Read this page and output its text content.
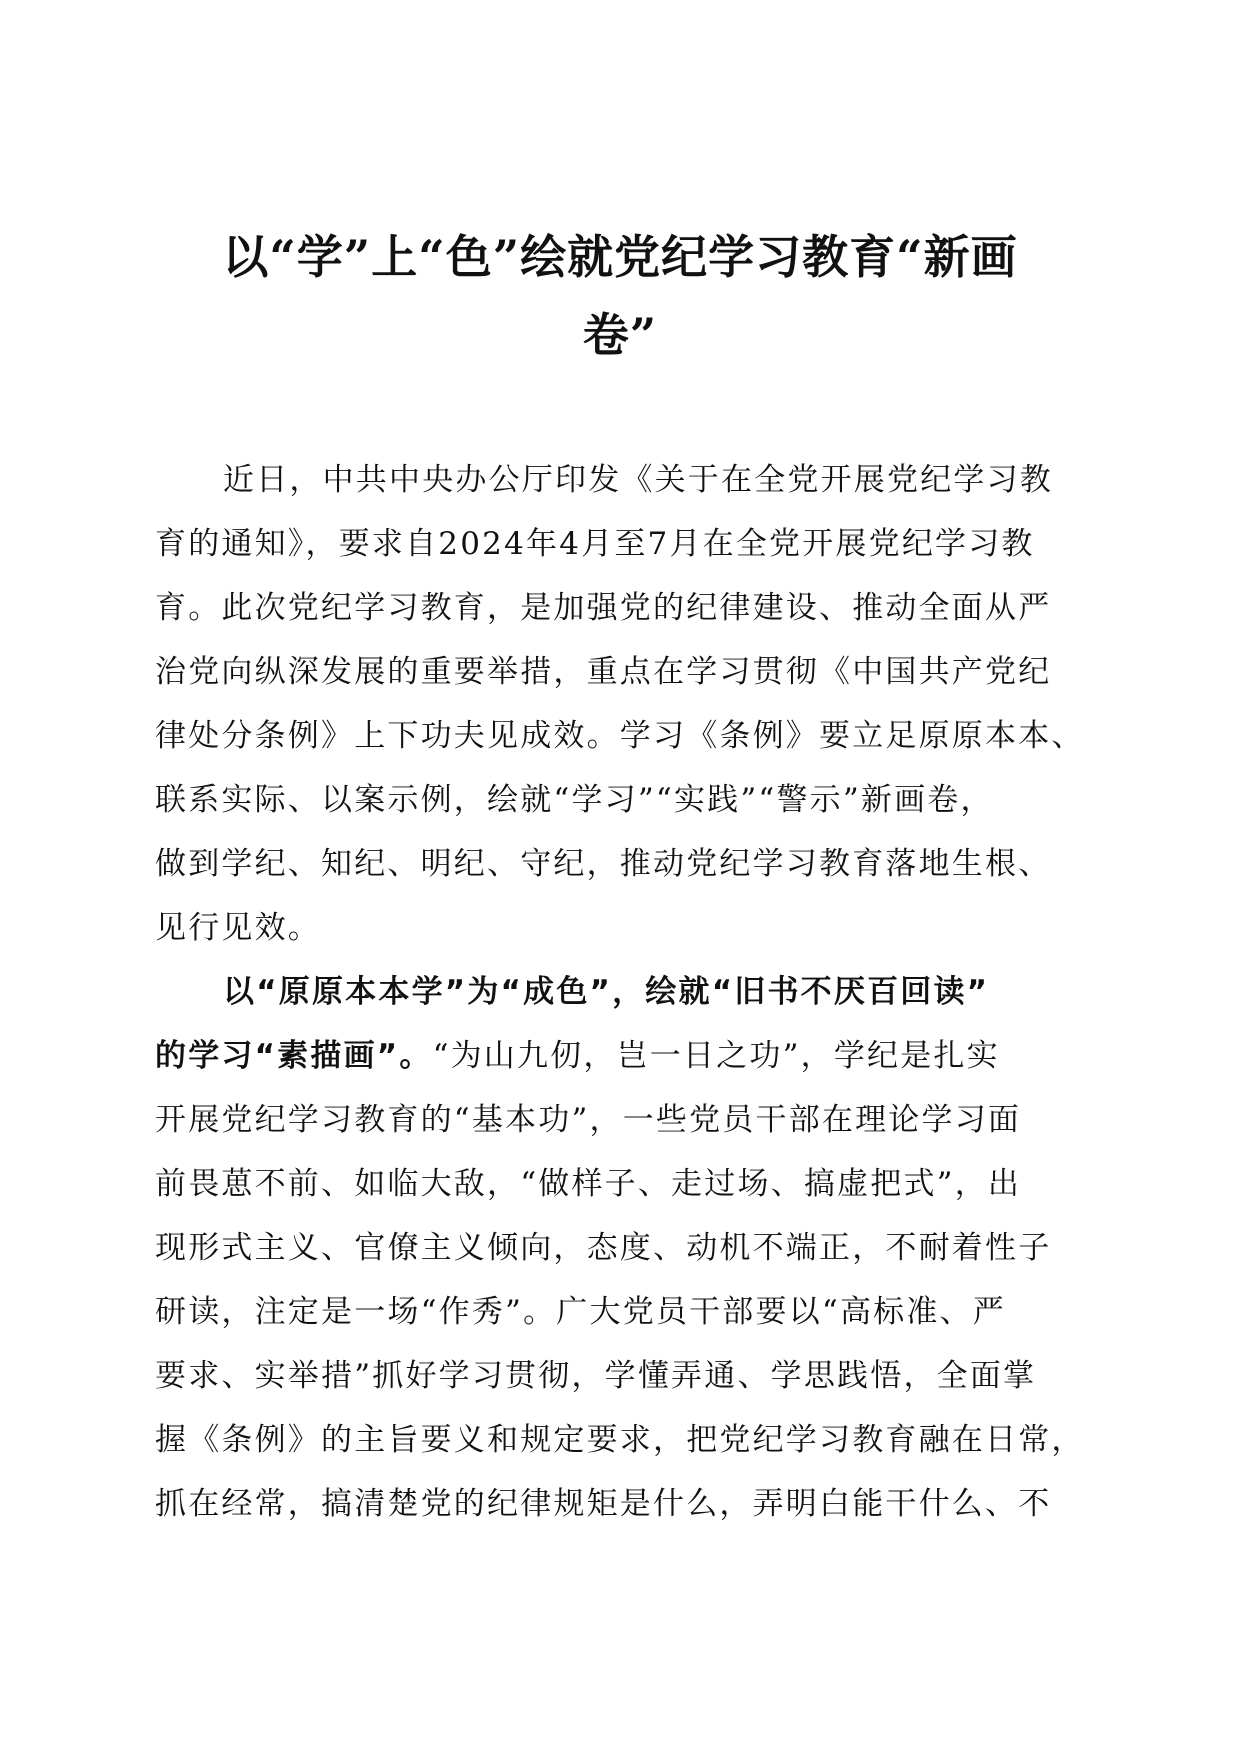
以“学”上“色”绘就党纪学习教育“新画
卷”
近日，中共中央办公厅印发《关于在全党开展党纪学习教
育的通知》，要求自2024年4月至7月在全党开展党纪学习教
育。此次党纪学习教育，是加强党的纪律建设、推动全面从严
治党向纵深发展的重要举措，重点在学习贯彻《中国共产党纪
律处分条例》上下功夫见成效。学习《条例》要立足原原本本、
联系实际、以案示例，绘就“学习”“实践”“警示”新画卷，
做到学纪、知纪、明纪、守纪，推动党纪学习教育落地生根、
见行见效。
以“原原本本学”为“成色”，绘就“旧书不厌百回读”
的学习“素描画”。“为山九仞，岂一日之功”，学纪是扎实
开展党纪学习教育的“基本功”，一些党员干部在理论学习面
前畏葸不前、如临大敌，“做样子、走过场、搞虚把式”，出
现形式主义、官僚主义倾向，态度、动机不端正，不耐着性子
研读，注定是一场“作秀”。广大党员干部要以“高标准、严
要求、实举措”抓好学习贯彻，学懂弄通、学思践悟，全面掌
握《条例》的主旨要义和规定要求，把党纪学习教育融在日常，
抓在经常，搞清楚党的纪律规矩是什么，弄明白能干什么、不
